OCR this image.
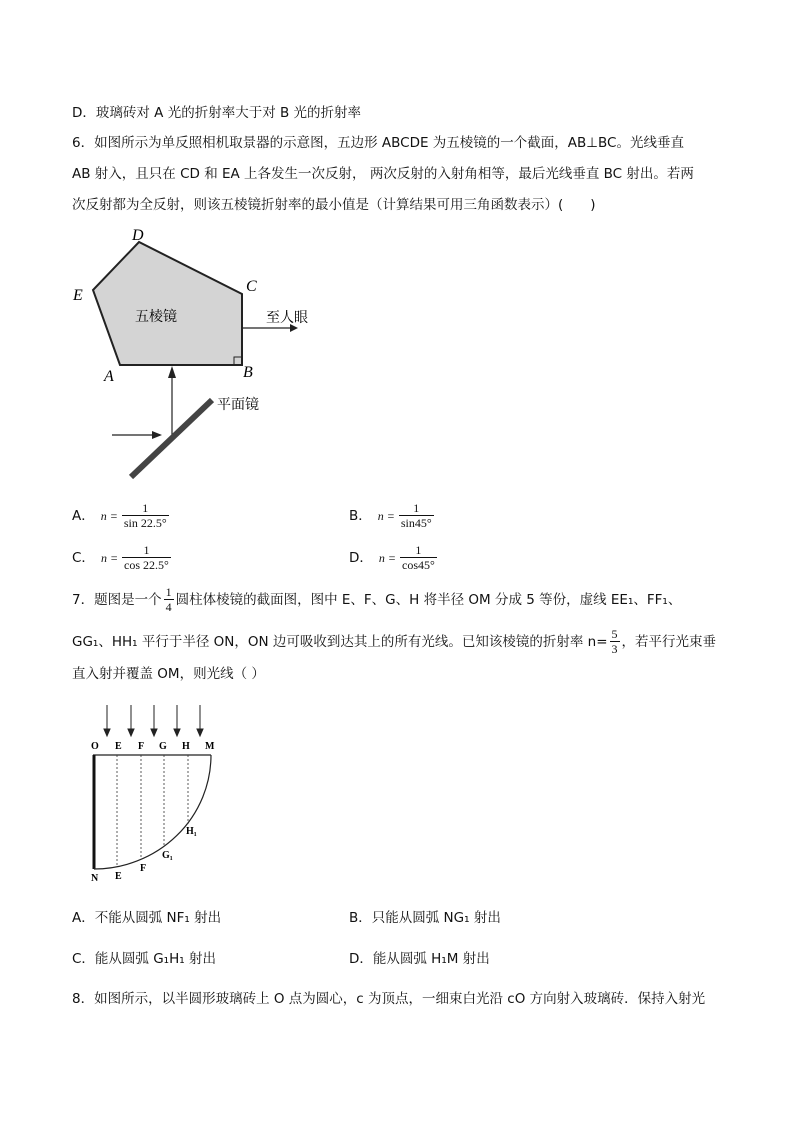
D．玻璃砖对 A 光的折射率大于对 B 光的折射率
6．如图所示为单反照相机取景器的示意图，五边形 ABCDE 为五棱镜的一个截面，AB⊥BC。光线垂直
AB 射入，且只在 CD 和 EA 上各发生一次反射， 两次反射的入射角相等，最后光线垂直 BC 射出。若两
次反射都为全反射，则该五棱镜折射率的最小值是（计算结果可用三角函数表示）(　　)
D
C
E
A	B
五棱镜	至人眼
平面镜
A． $n = \frac{1}{\sin 22.5^\circ}$	B． $n = \frac{1}{\sin 45^\circ}$
C． $n = \frac{1}{\cos 22.5^\circ}$	D． $n = \frac{1}{\cos 45^\circ}$
7．题图是一个 $\frac{1}{4}$ 圆柱体棱镜的截面图，图中 E、F、G、H 将半径 OM 分成 5 等份，虚线 EE₁、FF₁、
GG₁、HH₁ 平行于半径 ON，ON 边可吸收到达其上的所有光线。已知该棱镜的折射率 $n= \frac{5}{3}$ ，若平行光束垂
直入射并覆盖 OM，则光线（ ）
O E F G H M
N E
F
G₁
H₁
A．不能从圆弧 NF₁ 射出	B．只能从圆弧 NG₁ 射出
C．能从圆弧 G₁H₁ 射出	D．能从圆弧 H₁M 射出
8．如图所示，以半圆形玻璃砖上 O 点为圆心，c 为顶点，一细束白光沿 cO 方向射入玻璃砖．保持入射光
